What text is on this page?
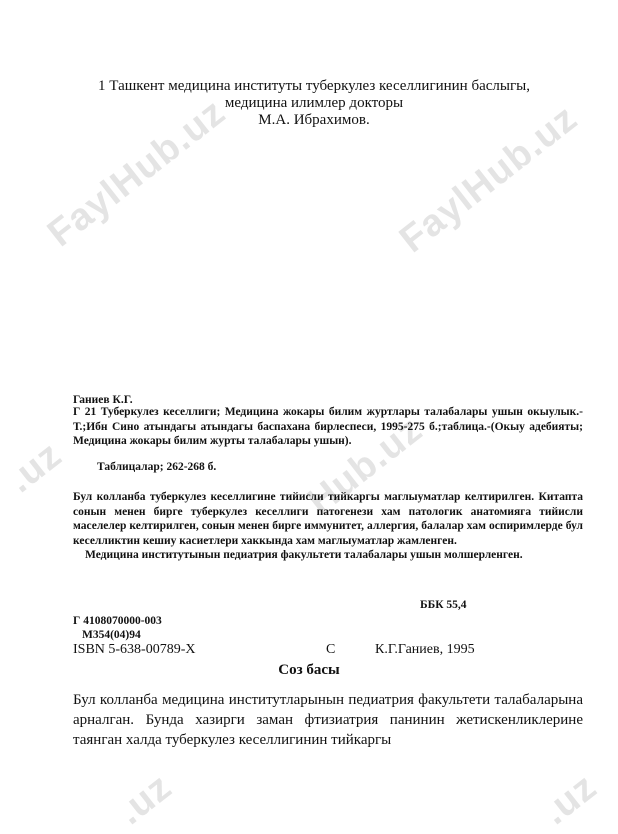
FaylHub.uz	FaylHub.uz
.uz	Hub.uz
.uz	.uz
1 Ташкент медицина институты туберкулез кеселлигинин баслыгы,
медицина илимлер докторы
М.А. Ибрахимов.
Ганиев К.Г.
Г 21 Туберкулез кеселлиги; Медицина жокары билим журтлары талабалары ушын окыулык.-Т.;Ибн Сино атындагы атындагы баспахана бирлеспеси, 1995-275 б.;таблица.-(Окыу адебияты; Медицина жокары билим журты талабалары ушын).
Таблицалар; 262-268 б.
Бул колланба туберкулез кеселлигине тийисли тийкаргы маглыуматлар келтирилген. Китапта сонын менен бирге туберкулез кеселлиги патогенези хам патологик анатомияга тийисли маселелер келтирилген, сонын менен бирге иммунитет, аллергия, балалар хам оспиримлерде бул кеселликтин кешиу касиетлери хаккында хам маглыуматлар жамленген.
Медицина институтынын педиатрия факультети талабалары ушын молшерленген.
ББК 55,4
Г 4108070000-003
М354(04)94
ISBN 5-638-00789-X	С	К.Г.Ганиев, 1995
Соз басы
Бул колланба медицина институтларынын педиатрия факультети талабаларына арналган. Бунда хазирги заман фтизиатрия панинин жетискенликлерине таянган халда туберкулез кеселлигинин тийкаргы
